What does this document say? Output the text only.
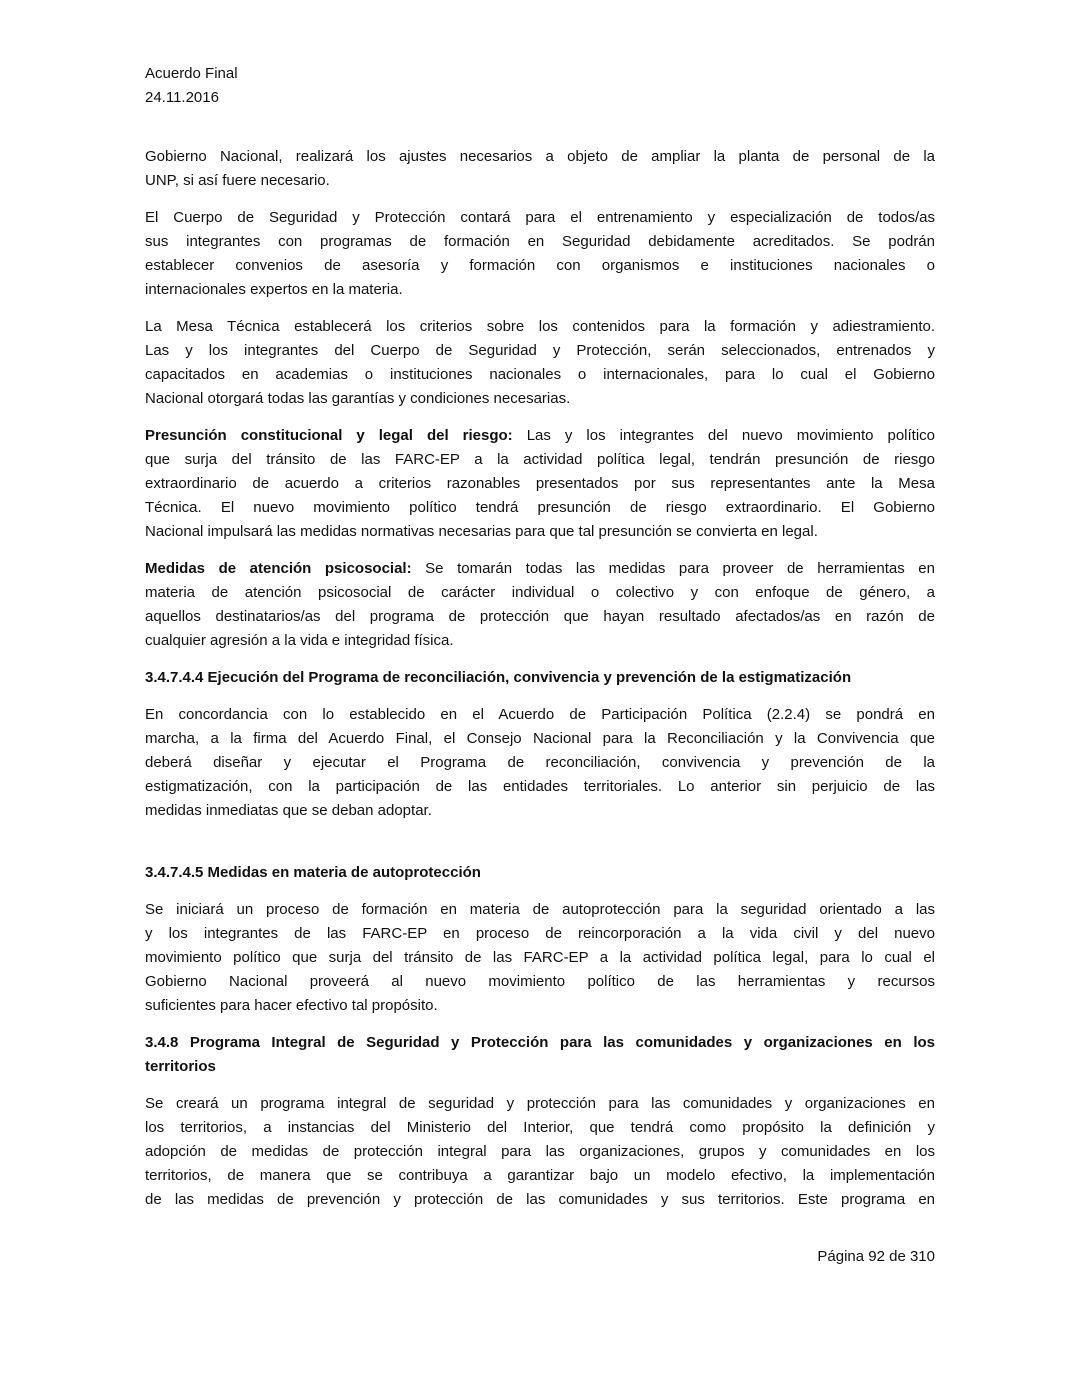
Acuerdo Final
24.11.2016
Gobierno Nacional, realizará los ajustes necesarios a objeto de ampliar la planta de personal de la
UNP, si así fuere necesario.
El Cuerpo de Seguridad y Protección contará para el entrenamiento y especialización de todos/as
sus integrantes con programas de formación en Seguridad debidamente acreditados. Se podrán
establecer convenios de asesoría y formación con organismos e instituciones nacionales o
internacionales expertos en la materia.
La Mesa Técnica establecerá los criterios sobre los contenidos para la formación y adiestramiento.
Las y los integrantes del Cuerpo de Seguridad y Protección, serán seleccionados, entrenados y
capacitados en academias o instituciones nacionales o internacionales, para lo cual el Gobierno
Nacional otorgará todas las garantías y condiciones necesarias.
Presunción constitucional y legal del riesgo: Las y los integrantes del nuevo movimiento político
que surja del tránsito de las FARC-EP a la actividad política legal, tendrán presunción de riesgo
extraordinario de acuerdo a criterios razonables presentados por sus representantes ante la Mesa
Técnica. El nuevo movimiento político tendrá presunción de riesgo extraordinario. El Gobierno
Nacional impulsará las medidas normativas necesarias para que tal presunción se convierta en legal.
Medidas de atención psicosocial: Se tomarán todas las medidas para proveer de herramientas en
materia de atención psicosocial de carácter individual o colectivo y con enfoque de género, a
aquellos destinatarios/as del programa de protección que hayan resultado afectados/as en razón de
cualquier agresión a la vida e integridad física.
3.4.7.4.4 Ejecución del Programa de reconciliación, convivencia y prevención de la estigmatización
En concordancia con lo establecido en el Acuerdo de Participación Política (2.2.4) se pondrá en
marcha, a la firma del Acuerdo Final, el Consejo Nacional para la Reconciliación y la Convivencia que
deberá diseñar y ejecutar el Programa de reconciliación, convivencia y prevención de la
estigmatización, con la participación de las entidades territoriales. Lo anterior sin perjuicio de las
medidas inmediatas que se deban adoptar.
3.4.7.4.5 Medidas en materia de autoprotección
Se iniciará un proceso de formación en materia de autoprotección para la seguridad orientado a las
y los integrantes de las FARC-EP en proceso de reincorporación a la vida civil y del nuevo
movimiento político que surja del tránsito de las FARC-EP a la actividad política legal, para lo cual el
Gobierno Nacional proveerá al nuevo movimiento político de las herramientas y recursos
suficientes para hacer efectivo tal propósito.
3.4.8 Programa Integral de Seguridad y Protección para las comunidades y organizaciones en los
territorios
Se creará un programa integral de seguridad y protección para las comunidades y organizaciones en
los territorios, a instancias del Ministerio del Interior, que tendrá como propósito la definición y
adopción de medidas de protección integral para las organizaciones, grupos y comunidades en los
territorios, de manera que se contribuya a garantizar bajo un modelo efectivo, la implementación
de las medidas de prevención y protección de las comunidades y sus territorios. Este programa en
Página 92 de 310
